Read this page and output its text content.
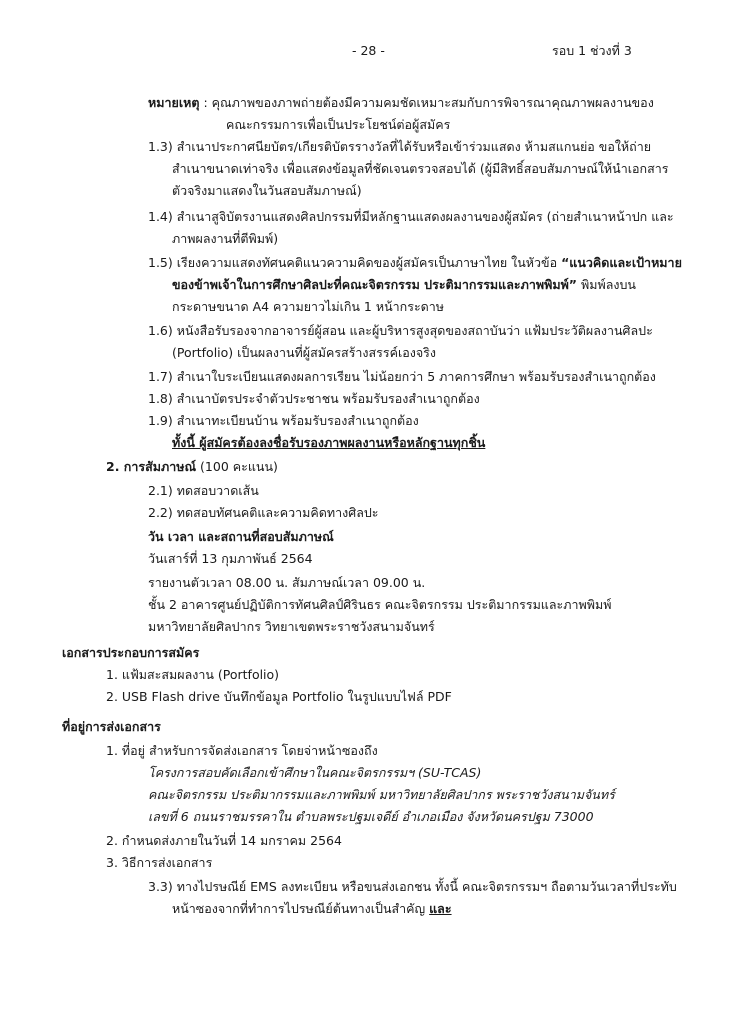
- 28 -	รอบ 1 ช่วงที่ 3
หมายเหตุ : คุณภาพของภาพถ่ายต้องมีความคมชัดเหมาะสมกับการพิจารณาคุณภาพผลงานของ
คณะกรรมการเพื่อเป็นประโยชน์ต่อผู้สมัคร
1.3) สำเนาประกาศนียบัตร/เกียรติบัตรรางวัลที่ได้รับหรือเข้าร่วมแสดง ห้ามสแกนย่อ ขอให้ถ่าย
สำเนาขนาดเท่าจริง เพื่อแสดงข้อมูลที่ชัดเจนตรวจสอบได้ (ผู้มีสิทธิ์สอบสัมภาษณ์ให้นำเอกสาร
ตัวจริงมาแสดงในวันสอบสัมภาษณ์)
1.4) สำเนาสูจิบัตรงานแสดงศิลปกรรมที่มีหลักฐานแสดงผลงานของผู้สมัคร (ถ่ายสำเนาหน้าปก และ
ภาพผลงานที่ตีพิมพ์)
1.5) เรียงความแสดงทัศนคติแนวความคิดของผู้สมัครเป็นภาษาไทย ในหัวข้อ “แนวคิดและเป้าหมาย
ของข้าพเจ้าในการศึกษาศิลปะที่คณะจิตรกรรม ประติมากรรมและภาพพิมพ์” พิมพ์ลงบน
กระดาษขนาด A4 ความยาวไม่เกิน 1 หน้ากระดาษ
1.6) หนังสือรับรองจากอาจารย์ผู้สอน และผู้บริหารสูงสุดของสถาบันว่า แฟ้มประวัติผลงานศิลปะ
(Portfolio) เป็นผลงานที่ผู้สมัครสร้างสรรค์เองจริง
1.7) สำเนาใบระเบียนแสดงผลการเรียน ไม่น้อยกว่า 5 ภาคการศึกษา พร้อมรับรองสำเนาถูกต้อง
1.8) สำเนาบัตรประจำตัวประชาชน พร้อมรับรองสำเนาถูกต้อง
1.9) สำเนาทะเบียนบ้าน พร้อมรับรองสำเนาถูกต้อง
ทั้งนี้ ผู้สมัครต้องลงชื่อรับรองภาพผลงานหรือหลักฐานทุกชิ้น
2. การสัมภาษณ์ (100 คะแนน)
2.1) ทดสอบวาดเส้น
2.2) ทดสอบทัศนคติและความคิดทางศิลปะ
วัน เวลา และสถานที่สอบสัมภาษณ์
วันเสาร์ที่ 13 กุมภาพันธ์ 2564
รายงานตัวเวลา 08.00 น. สัมภาษณ์เวลา 09.00 น.
ชั้น 2 อาคารศูนย์ปฏิบัติการทัศนศิลป์ศิรินธร คณะจิตรกรรม ประติมากรรมและภาพพิมพ์
มหาวิทยาลัยศิลปากร วิทยาเขตพระราชวังสนามจันทร์
เอกสารประกอบการสมัคร
1. แฟ้มสะสมผลงาน (Portfolio)
2. USB Flash drive บันทึกข้อมูล Portfolio ในรูปแบบไฟล์ PDF
ที่อยู่การส่งเอกสาร
1. ที่อยู่ สำหรับการจัดส่งเอกสาร โดยจ่าหน้าซองถึง
โครงการสอบคัดเลือกเข้าศึกษาในคณะจิตรกรรมฯ (SU-TCAS)
คณะจิตรกรรม ประติมากรรมและภาพพิมพ์ มหาวิทยาลัยศิลปากร พระราชวังสนามจันทร์
เลขที่ 6 ถนนราชมรรคาใน ตำบลพระปฐมเจดีย์ อำเภอเมือง จังหวัดนครปฐม 73000
2. กำหนดส่งภายในวันที่ 14 มกราคม 2564
3. วิธีการส่งเอกสาร
3.3) ทางไปรษณีย์ EMS ลงทะเบียน หรือขนส่งเอกชน ทั้งนี้ คณะจิตรกรรมฯ ถือตามวันเวลาที่ประทับ
หน้าซองจากที่ทำการไปรษณีย์ต้นทางเป็นสำคัญ และ
